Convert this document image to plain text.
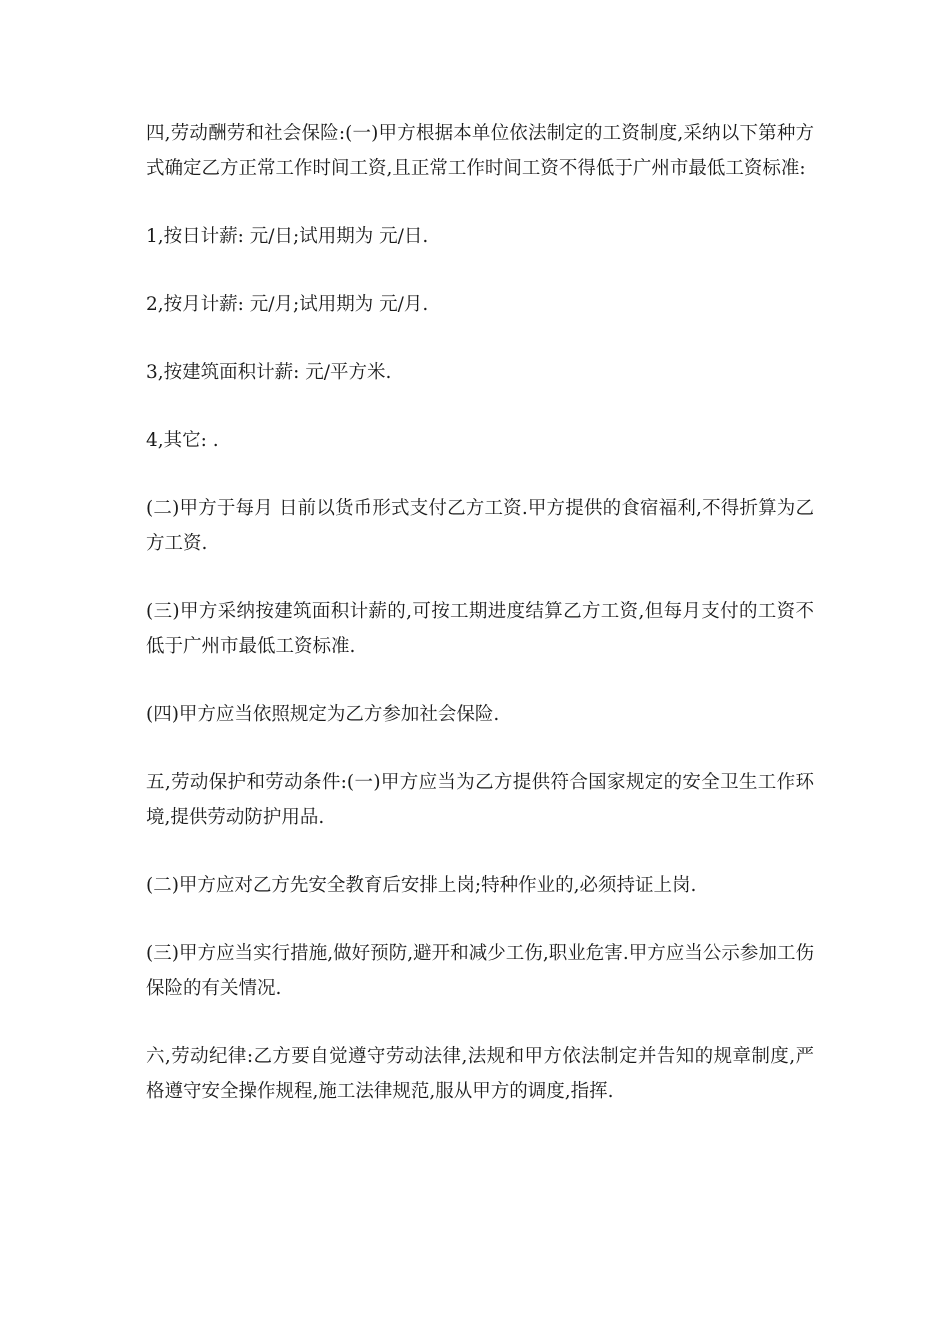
四,劳动酬劳和社会保险:(一)甲方根据本单位依法制定的工资制度,采纳以下第种方式确定乙方正常工作时间工资,且正常工作时间工资不得低于广州市最低工资标准:

1,按日计薪: 元/日;试用期为 元/日.

2,按月计薪: 元/月;试用期为 元/月.

3,按建筑面积计薪: 元/平方米.

4,其它: .

(二)甲方于每月 日前以货币形式支付乙方工资.甲方提供的食宿福利,不得折算为乙方工资.

(三)甲方采纳按建筑面积计薪的,可按工期进度结算乙方工资,但每月支付的工资不低于广州市最低工资标准.

(四)甲方应当依照规定为乙方参加社会保险.

五,劳动保护和劳动条件:(一)甲方应当为乙方提供符合国家规定的安全卫生工作环境,提供劳动防护用品.

(二)甲方应对乙方先安全教育后安排上岗;特种作业的,必须持证上岗.

(三)甲方应当实行措施,做好预防,避开和减少工伤,职业危害.甲方应当公示参加工伤保险的有关情况.

六,劳动纪律:乙方要自觉遵守劳动法律,法规和甲方依法制定并告知的规章制度,严格遵守安全操作规程,施工法律规范,服从甲方的调度,指挥.
